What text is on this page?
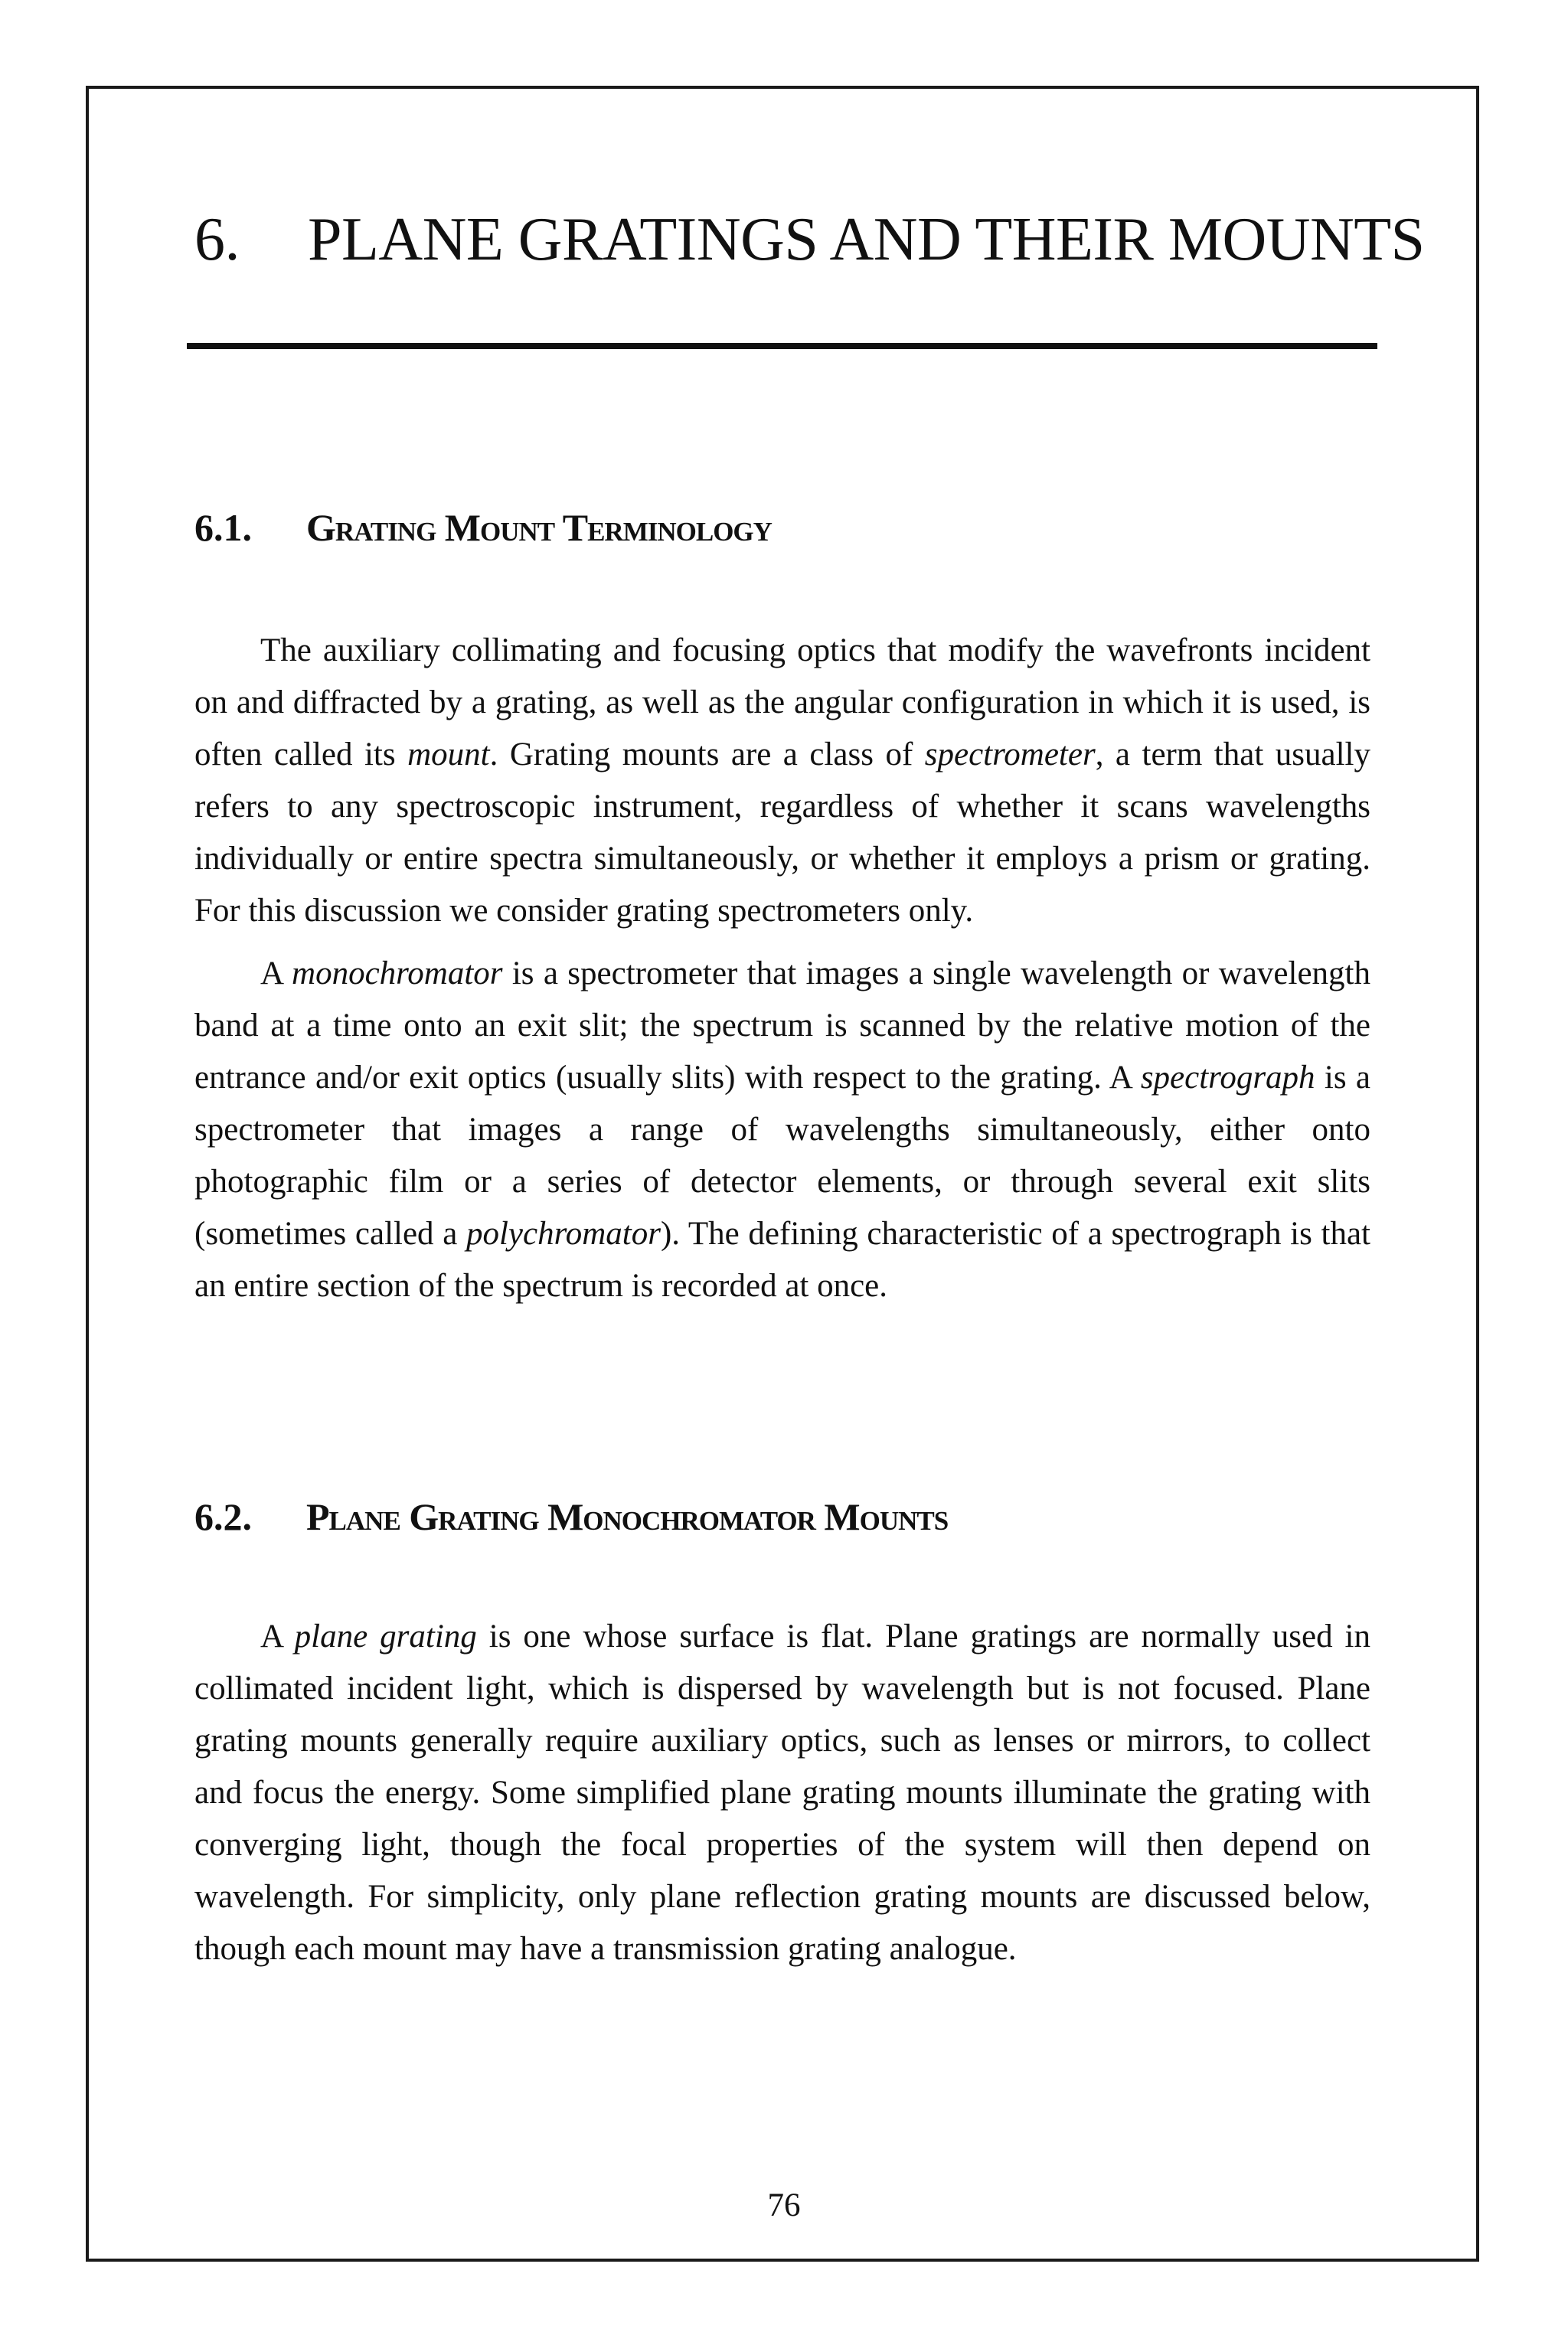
6. PLANE GRATINGS AND THEIR MOUNTS
6.1. Grating Mount Terminology

The auxiliary collimating and focusing optics that modify the wavefronts incident on and diffracted by a grating, as well as the angular configuration in which it is used, is often called its mount. Grating mounts are a class of spectrometer, a term that usually refers to any spectroscopic instrument, regardless of whether it scans wavelengths individually or entire spectra simultaneously, or whether it employs a prism or grating. For this discussion we consider grating spectrometers only.

A monochromator is a spectrometer that images a single wavelength or wavelength band at a time onto an exit slit; the spectrum is scanned by the relative motion of the entrance and/or exit optics (usually slits) with respect to the grating. A spectrograph is a spectrometer that images a range of wavelengths simultaneously, either onto photographic film or a series of detector elements, or through several exit slits (sometimes called a polychromator). The defining characteristic of a spectrograph is that an entire section of the spectrum is recorded at once.

6.2. Plane Grating Monochromator Mounts

A plane grating is one whose surface is flat. Plane gratings are normally used in collimated incident light, which is dispersed by wavelength but is not focused. Plane grating mounts generally require auxiliary optics, such as lenses or mirrors, to collect and focus the energy. Some simplified plane grating mounts illuminate the grating with converging light, though the focal properties of the system will then depend on wavelength. For simplicity, only plane reflection grating mounts are discussed below, though each mount may have a transmission grating analogue.

76
